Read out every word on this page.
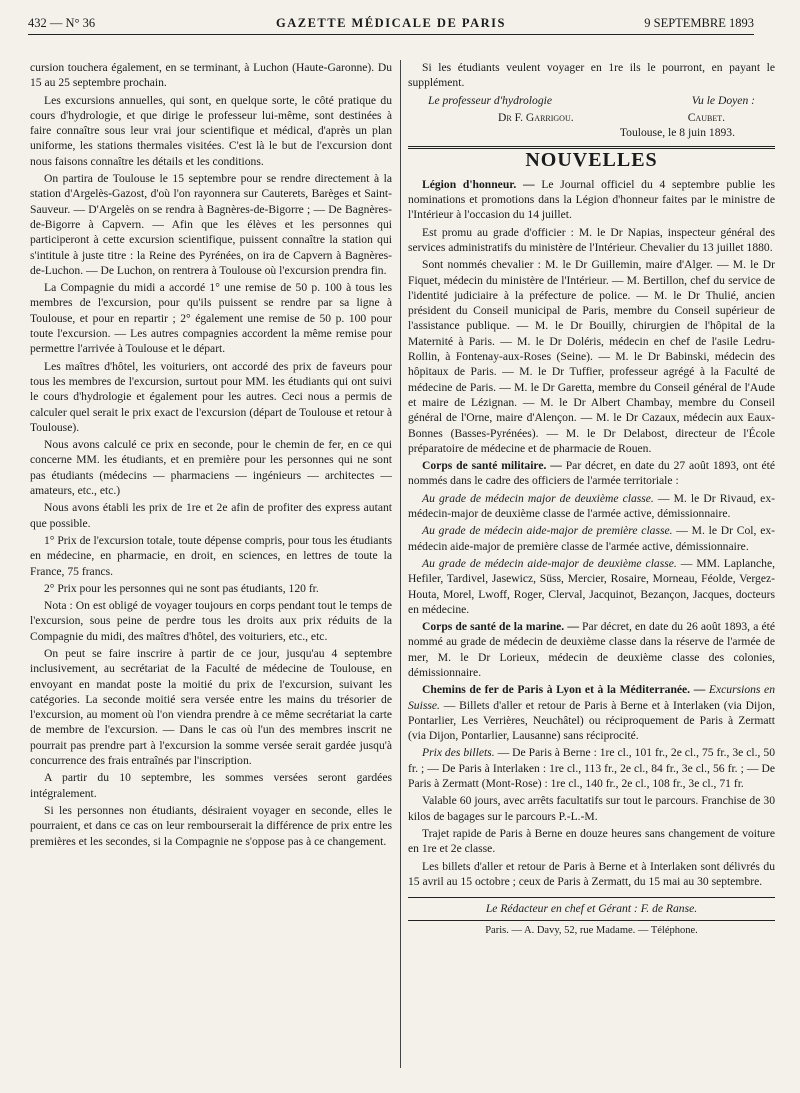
432 — N° 36	GAZETTE MÉDICALE DE PARIS	9 SEPTEMBRE 1893

cursion touchera également, en se terminant, à Luchon (Haute-Garonne). Du 15 au 25 septembre prochain.

Les excursions annuelles, qui sont, en quelque sorte, le côté pratique du cours d'hydrologie, et que dirige le professeur lui-même, sont destinées à faire connaître sous leur vrai jour scientifique et médical, d'après un plan uniforme, les stations thermales visitées. C'est là le but de l'excursion dont nous faisons connaître les détails et les conditions.

On partira de Toulouse le 15 septembre pour se rendre directement à la station d'Argelès-Gazost, d'où l'on rayonnera sur Cauterets, Barèges et Saint-Sauveur. — D'Argelès on se rendra à Bagnères-de-Bigorre ; — De Bagnères-de-Bigorre à Capvern. — Afin que les élèves et les personnes qui participeront à cette excursion scientifique, puissent connaître la station qui s'intitule à juste titre : la Reine des Pyrénées, on ira de Capvern à Bagnères-de-Luchon. — De Luchon, on rentrera à Toulouse où l'excursion prendra fin.

La Compagnie du midi a accordé 1° une remise de 50 p. 100 à tous les membres de l'excursion, pour qu'ils puissent se rendre par sa ligne à Toulouse, et pour en repartir ; 2° également une remise de 50 p. 100 pour toute l'excursion. — Les autres compagnies accordent la même remise pour permettre l'arrivée à Toulouse et le départ.

Les maîtres d'hôtel, les voituriers, ont accordé des prix de faveurs pour tous les membres de l'excursion, surtout pour MM. les étudiants qui ont suivi le cours d'hydrologie et également pour les autres. Ceci nous a permis de calculer quel serait le prix exact de l'excursion (départ de Toulouse et retour à Toulouse).

Nous avons calculé ce prix en seconde, pour le chemin de fer, en ce qui concerne MM. les étudiants, et en première pour les personnes qui ne sont pas étudiants (médecins — pharmaciens — ingénieurs — architectes — amateurs, etc., etc.)

Nous avons établi les prix de 1re et 2e afin de profiter des express autant que possible.

1° Prix de l'excursion totale, toute dépense compris, pour tous les étudiants en médecine, en pharmacie, en droit, en sciences, en lettres de toute la France, 75 francs.

2° Prix pour les personnes qui ne sont pas étudiants, 120 fr.

Nota : On est obligé de voyager toujours en corps pendant tout le temps de l'excursion, sous peine de perdre tous les droits aux prix réduits de la Compagnie du midi, des maîtres d'hôtel, des voituriers, etc., etc.

On peut se faire inscrire à partir de ce jour, jusqu'au 4 septembre inclusivement, au secrétariat de la Faculté de médecine de Toulouse, en envoyant en mandat poste la moitié du prix de l'excursion, suivant les catégories. La seconde moitié sera versée entre les mains du trésorier de l'excursion, au moment où l'on viendra prendre à ce même secrétariat la carte de membre de l'excursion. — Dans le cas où l'un des membres inscrit ne pourrait pas prendre part à l'excursion la somme versée serait gardée jusqu'à concurrence des frais entraînés par l'inscription.

A partir du 10 septembre, les sommes versées seront gardées intégralement.

Si les personnes non étudiants, désiraient voyager en seconde, elles le pourraient, et dans ce cas on leur rembourserait la différence de prix entre les premières et les secondes, si la Compagnie ne s'oppose pas à ce changement.

Si les étudiants veulent voyager en 1re ils le pourront, en payant le supplément.

Le professeur d'hydrologie	Vu le Doyen :
Dr F. Garrigou.	Caubet.

Toulouse, le 8 juin 1893.

NOUVELLES

Légion d'honneur. — Le Journal officiel du 4 septembre publie les nominations et promotions dans la Légion d'honneur faites par le ministre de l'Intérieur à l'occasion du 14 juillet.

Est promu au grade d'officier : M. le Dr Napias, inspecteur général des services administratifs du ministère de l'Intérieur. Chevalier du 13 juillet 1880.

Sont nommés chevalier : M. le Dr Guillemin, maire d'Alger. — M. le Dr Fiquet, médecin du ministère de l'Intérieur. — M. Bertillon, chef du service de l'identité judiciaire à la préfecture de police. — M. le Dr Thulié, ancien président du Conseil municipal de Paris, membre du Conseil supérieur de l'assistance publique. — M. le Dr Bouilly, chirurgien de l'hôpital de la Maternité à Paris. — M. le Dr Doléris, médecin en chef de l'asile Ledru-Rollin, à Fontenay-aux-Roses (Seine). — M. le Dr Babinski, médecin des hôpitaux de Paris. — M. le Dr Tuffier, professeur agrégé à la Faculté de médecine de Paris. — M. le Dr Garetta, membre du Conseil général de l'Aude et maire de Lézignan. — M. le Dr Albert Chambay, membre du Conseil général de l'Orne, maire d'Alençon. — M. le Dr Cazaux, médecin aux Eaux-Bonnes (Basses-Pyrénées). — M. le Dr Delabost, directeur de l'École préparatoire de médecine et de pharmacie de Rouen.

Corps de santé militaire. — Par décret, en date du 27 août 1893, ont été nommés dans le cadre des officiers de l'armée territoriale :

Au grade de médecin major de deuxième classe. — M. le Dr Rivaud, ex-médecin-major de deuxième classe de l'armée active, démissionnaire.

Au grade de médecin aide-major de première classe. — M. le Dr Col, ex-médecin aide-major de première classe de l'armée active, démissionnaire.

Au grade de médecin aide-major de deuxième classe. — MM. Laplanche, Hefiler, Tardivel, Jasewicz, Süss, Mercier, Rosaire, Morneau, Féolde, Vergez-Houta, Morel, Lwoff, Roger, Clerval, Jacquinot, Bezançon, Jacques, docteurs en médecine.

Corps de santé de la marine. — Par décret, en date du 26 août 1893, a été nommé au grade de médecin de deuxième classe dans la réserve de l'armée de mer, M. le Dr Lorieux, médecin de deuxième classe des colonies, démissionnaire.

Chemins de fer de Paris à Lyon et à la Méditerranée. — Excursions en Suisse. — Billets d'aller et retour de Paris à Berne et à Interlaken (via Dijon, Pontarlier, Les Verrières, Neuchâtel) ou réciproquement de Paris à Zermatt (via Dijon, Pontarlier, Lausanne) sans réciprocité.

Prix des billets. — De Paris à Berne : 1re cl., 101 fr., 2e cl., 75 fr., 3e cl., 50 fr. ; — De Paris à Interlaken : 1re cl., 113 fr., 2e cl., 84 fr., 3e cl., 56 fr. ; — De Paris à Zermatt (Mont-Rose) : 1re cl., 140 fr., 2e cl., 108 fr., 3e cl., 71 fr.

Valable 60 jours, avec arrêts facultatifs sur tout le parcours. Franchise de 30 kilos de bagages sur le parcours P.-L.-M.

Trajet rapide de Paris à Berne en douze heures sans changement de voiture en 1re et 2e classe.

Les billets d'aller et retour de Paris à Berne et à Interlaken sont délivrés du 15 avril au 15 octobre ; ceux de Paris à Zermatt, du 15 mai au 30 septembre.

Le Rédacteur en chef et Gérant : F. de Ranse.
Paris. — A. Davy, 52, rue Madame. — Téléphone.
